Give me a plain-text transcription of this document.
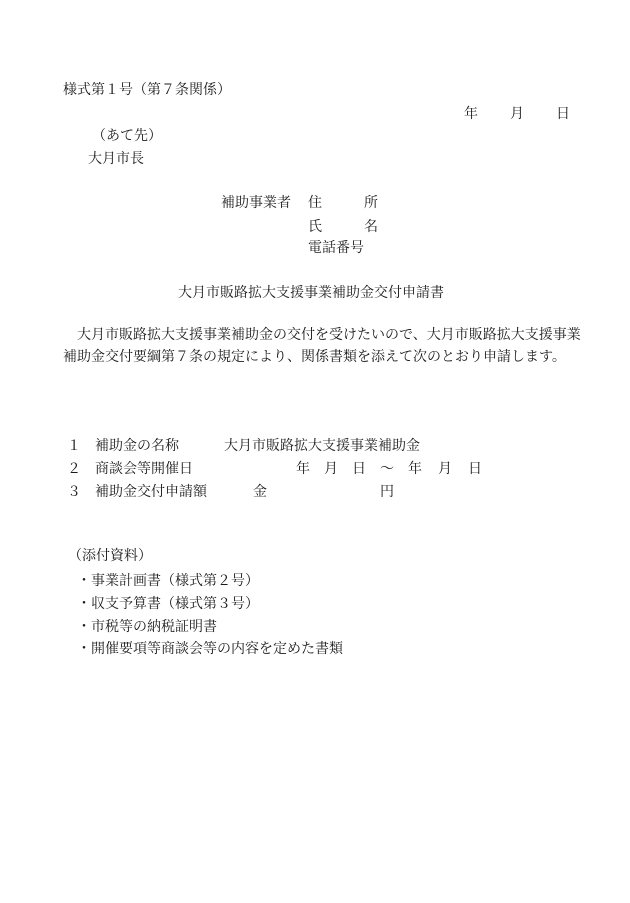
様式第１号（第７条関係）
年 月 日
（あて先）
大月市長
補助事業者 住	所
氏	名
電話番号
大月市販路拡大支援事業補助金交付申請書
大月市販路拡大支援事業補助金の交付を受けたいので、大月市販路拡大支援事業補助金交付要綱第７条の規定により、関係書類を添えて次のとおり申請します。
１ 補助金の名称	大月市販路拡大支援事業補助金
２ 商談会等開催日	年 月 日 ～ 年 月 日
３ 補助金交付申請額	金	円
（添付資料）
・事業計画書（様式第２号）
・収支予算書（様式第３号）
・市税等の納税証明書
・開催要項等商談会等の内容を定めた書類
